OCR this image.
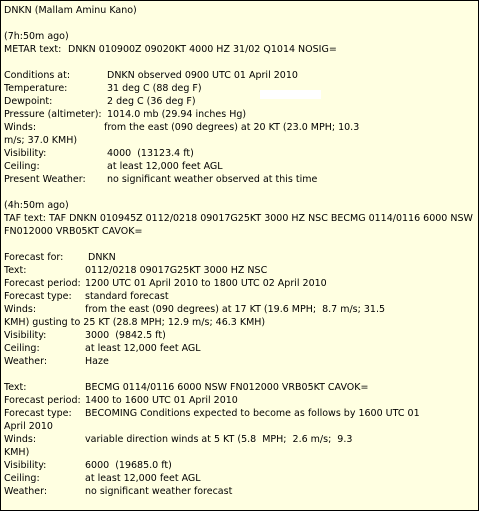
DNKN (Mallam Aminu Kano)
(7h:50m ago)
METAR text: DNKN 010900Z 09020KT 4000 HZ 31/02 Q1014 NOSIG=
Conditions at:	DNKN observed 0900 UTC 01 April 2010
Temperature:	31 deg C (88 deg F)
Dewpoint:	2 deg C (36 deg F)
Pressure (altimeter): 1014.0 mb (29.94 inches Hg)
Winds:	from the east (090 degrees) at 20 KT (23.0 MPH; 10.3
m/s; 37.0 KMH)
Visibility:	4000  (13123.4 ft)
Ceiling:	at least 12,000 feet AGL
Present Weather: no significant weather observed at this time
(4h:50m ago)
TAF text: TAF DNKN 010945Z 0112/0218 09017G25KT 3000 HZ NSC BECMG 0114/0116 6000 NSW
FN012000 VRB05KT CAVOK=
Forecast for:	DNKN
Text:	0112/0218 09017G25KT 3000 HZ NSC
Forecast period: 1200 UTC 01 April 2010 to 1800 UTC 02 April 2010
Forecast type: standard forecast
Winds:	from the east (090 degrees) at 17 KT (19.6 MPH;  8.7 m/s; 31.5
KMH) gusting to 25 KT (28.8 MPH; 12.9 m/s; 46.3 KMH)
Visibility:	3000  (9842.5 ft)
Ceiling:	at least 12,000 feet AGL
Weather:	Haze
Text:	BECMG 0114/0116 6000 NSW FN012000 VRB05KT CAVOK=
Forecast period: 1400 to 1600 UTC 01 April 2010
Forecast type: BECOMING Conditions expected to become as follows by 1600 UTC 01
April 2010
Winds:	variable direction winds at 5 KT (5.8  MPH;  2.6 m/s;  9.3
KMH)
Visibility:	6000  (19685.0 ft)
Ceiling:	at least 12,000 feet AGL
Weather:	no significant weather forecast
